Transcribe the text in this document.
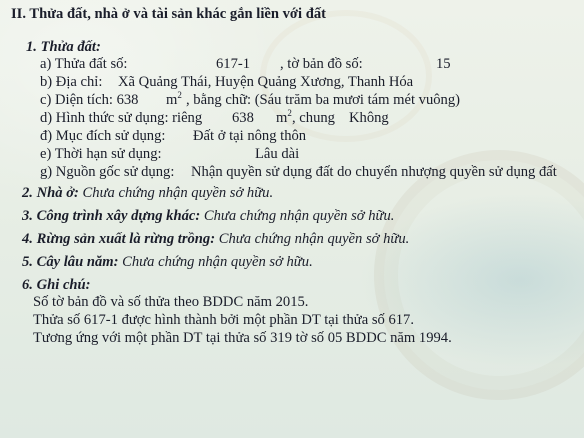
II. Thửa đất, nhà ở và tài sản khác gắn liền với đất
1. Thửa đất:
a) Thửa đất số:	617-1 , tờ bản đồ số:	15
b) Địa chỉ: Xã Quảng Thái, Huyện Quảng Xương, Thanh Hóa
c) Diện tích: 638 $m^2$ , bằng chữ: (Sáu trăm ba mươi tám mét vuông)
d) Hình thức sử dụng: riêng 638 $m^2$ , chung Không
đ) Mục đích sử dụng: Đất ở tại nông thôn
e) Thời hạn sử dụng:	Lâu dài
g) Nguồn gốc sử dụng: Nhận quyền sử dụng đất do chuyển nhượng quyền sử dụng đất
2. Nhà ở: Chưa chứng nhận quyền sở hữu.
3. Công trình xây dựng khác: Chưa chứng nhận quyền sở hữu.
4. Rừng sản xuất là rừng trồng: Chưa chứng nhận quyền sở hữu.
5. Cây lâu năm: Chưa chứng nhận quyền sở hữu.
6. Ghi chú:
Số tờ bản đồ và số thửa theo BDDC năm 2015.
Thửa số 617-1 được hình thành bởi một phần DT tại thửa số 617.
Tương ứng với một phần DT tại thửa số 319 tờ số 05 BDDC năm 1994.
